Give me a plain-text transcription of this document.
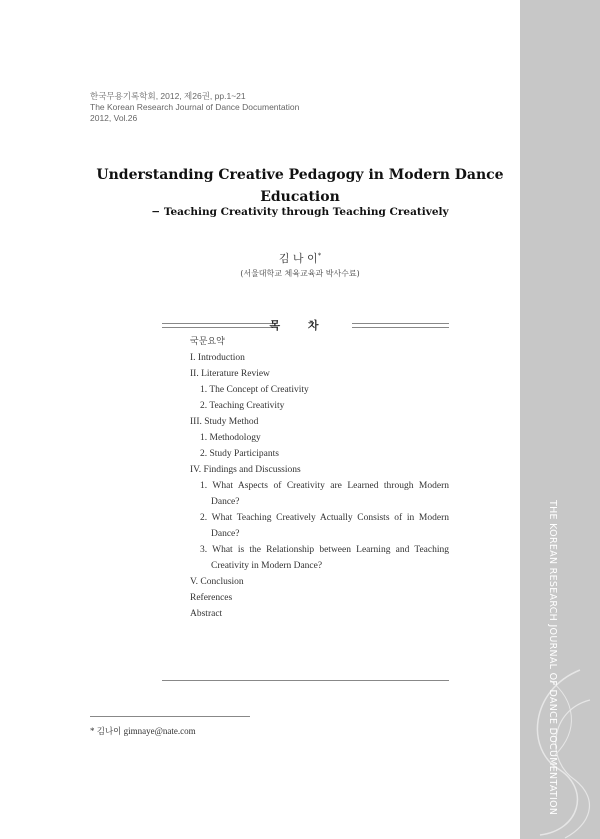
THE KOREAN RESEARCH JOURNAL OF DANCE DOCUMENTATION
한국무용기록학회, 2012, 제26권, pp.1~21
The Korean Research Journal of Dance Documentation
2012, Vol.26
Understanding Creative Pedagogy in Modern Dance
Education
− Teaching Creativity through Teaching Creatively
김 나 이*
(서울대학교 체육교육과 박사수료)
목 차
국문요약
I. Introduction
II. Literature Review
1. The Concept of Creativity
2. Teaching Creativity
III. Study Method
1. Methodology
2. Study Participants
IV. Findings and Discussions
1. What Aspects of Creativity are Learned through Modern
Dance?
2. What Teaching Creatively Actually Consists of in Modern
Dance?
3. What is the Relationship between Learning and Teaching
Creativity in Modern Dance?
V. Conclusion
References
Abstract
* 김나이 gimnaye@nate.com
